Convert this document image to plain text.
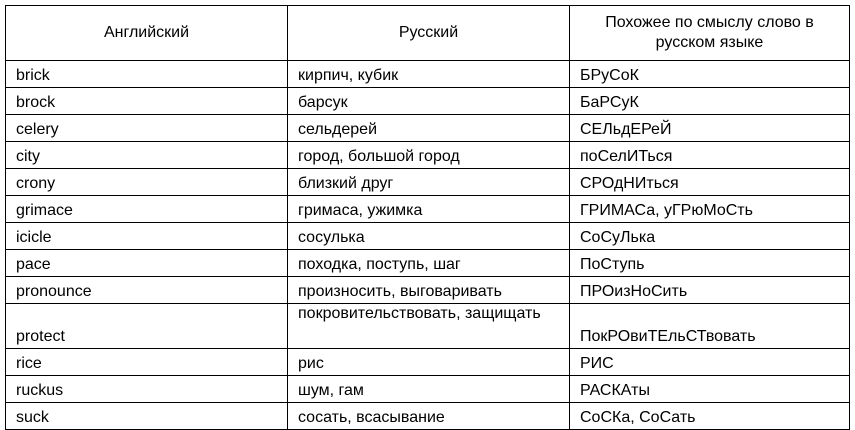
Английский	Русский	Похожее по смыслу слово в русском языке
brick	кирпич, кубик	БРуСоК
brock	барсук	БаРСуК
celery	сельдерей	СЕЛьдЕРеЙ
city	город, большой город	поСелИТься
crony	близкий друг	СРОдНИться
grimace	гримаса, ужимка	ГРИМАСа, уГРюМоСть
icicle	сосулька	СоСуЛька
pace	походка, поступь, шаг	ПоСтупь
pronounce	произносить, выговаривать	ПРОизНоСить
protect	покровительствовать, защищать	ПокРОвиТЕльСТвовать
rice	рис	РИС
ruckus	шум, гам	РАСКАты
suck	сосать, всасывание	СоСКа, СоСать
